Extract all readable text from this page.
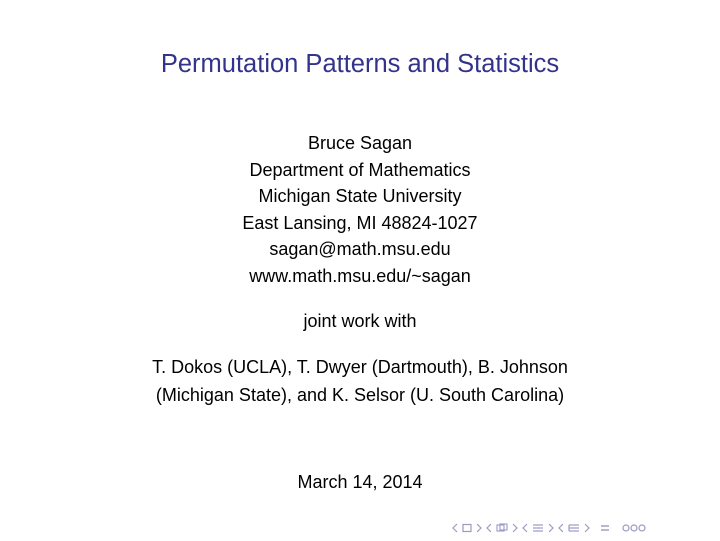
Permutation Patterns and Statistics
Bruce Sagan
Department of Mathematics
Michigan State University
East Lansing, MI 48824-1027
sagan@math.msu.edu
www.math.msu.edu/~sagan
joint work with
T. Dokos (UCLA), T. Dwyer (Dartmouth), B. Johnson
(Michigan State), and K. Selsor (U. South Carolina)
March 14, 2014
